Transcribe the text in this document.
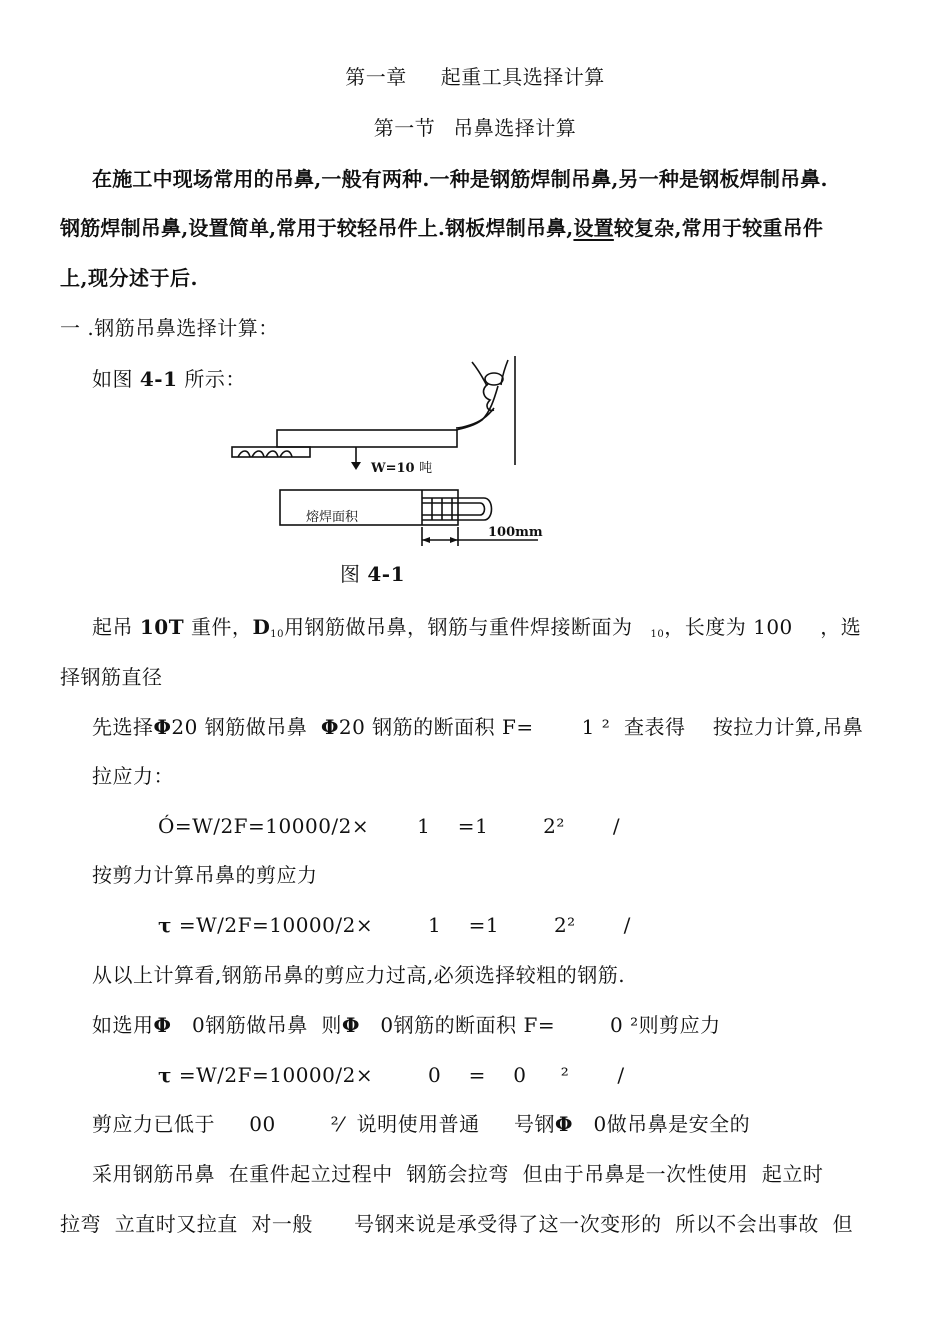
第一章 起重工具选择计算
第一节 吊鼻选择计算
在施工中现场常用的吊鼻,一般有两种.一种是钢筋焊制吊鼻,另一种是钢板焊制吊鼻.
钢筋焊制吊鼻,设置简单,常用于较轻吊件上.钢板焊制吊鼻,设置较复杂,常用于较重吊件
上,现分述于后.
一 .钢筋吊鼻选择计算：
如图 4-1 所示：
W=10 吨
熔焊面积
100mm
图 4-1
起吊 10T 重件，$D_{10}$用钢筋做吊鼻，钢筋与重件焊接断面为 $_{10}$，长度为 100    ，选
择钢筋直径
先选择Φ20 钢筋做吊鼻 Φ20 钢筋的断面积 F=       1 ²  查表得    按拉力计算,吊鼻
拉应力：
Ó=W/2F=10000/2×       1    =1        2²       /
按剪力计算吊鼻的剪应力
τ =W/2F=10000/2×        1    =1        2²       /
从以上计算看,钢筋吊鼻的剪应力过高,必须选择较粗的钢筋.
如选用Φ   0钢筋做吊鼻  则Φ   0钢筋的断面积 F=        0 ²则剪应力
τ =W/2F=10000/2×        0    =    0     ²       /
剪应力已低于     00        ²⁄  说明使用普通     号钢Φ   0做吊鼻是安全的
采用钢筋吊鼻  在重件起立过程中  钢筋会拉弯  但由于吊鼻是一次性使用  起立时
拉弯  立直时又拉直  对一般      号钢来说是承受得了这一次变形的  所以不会出事故  但
